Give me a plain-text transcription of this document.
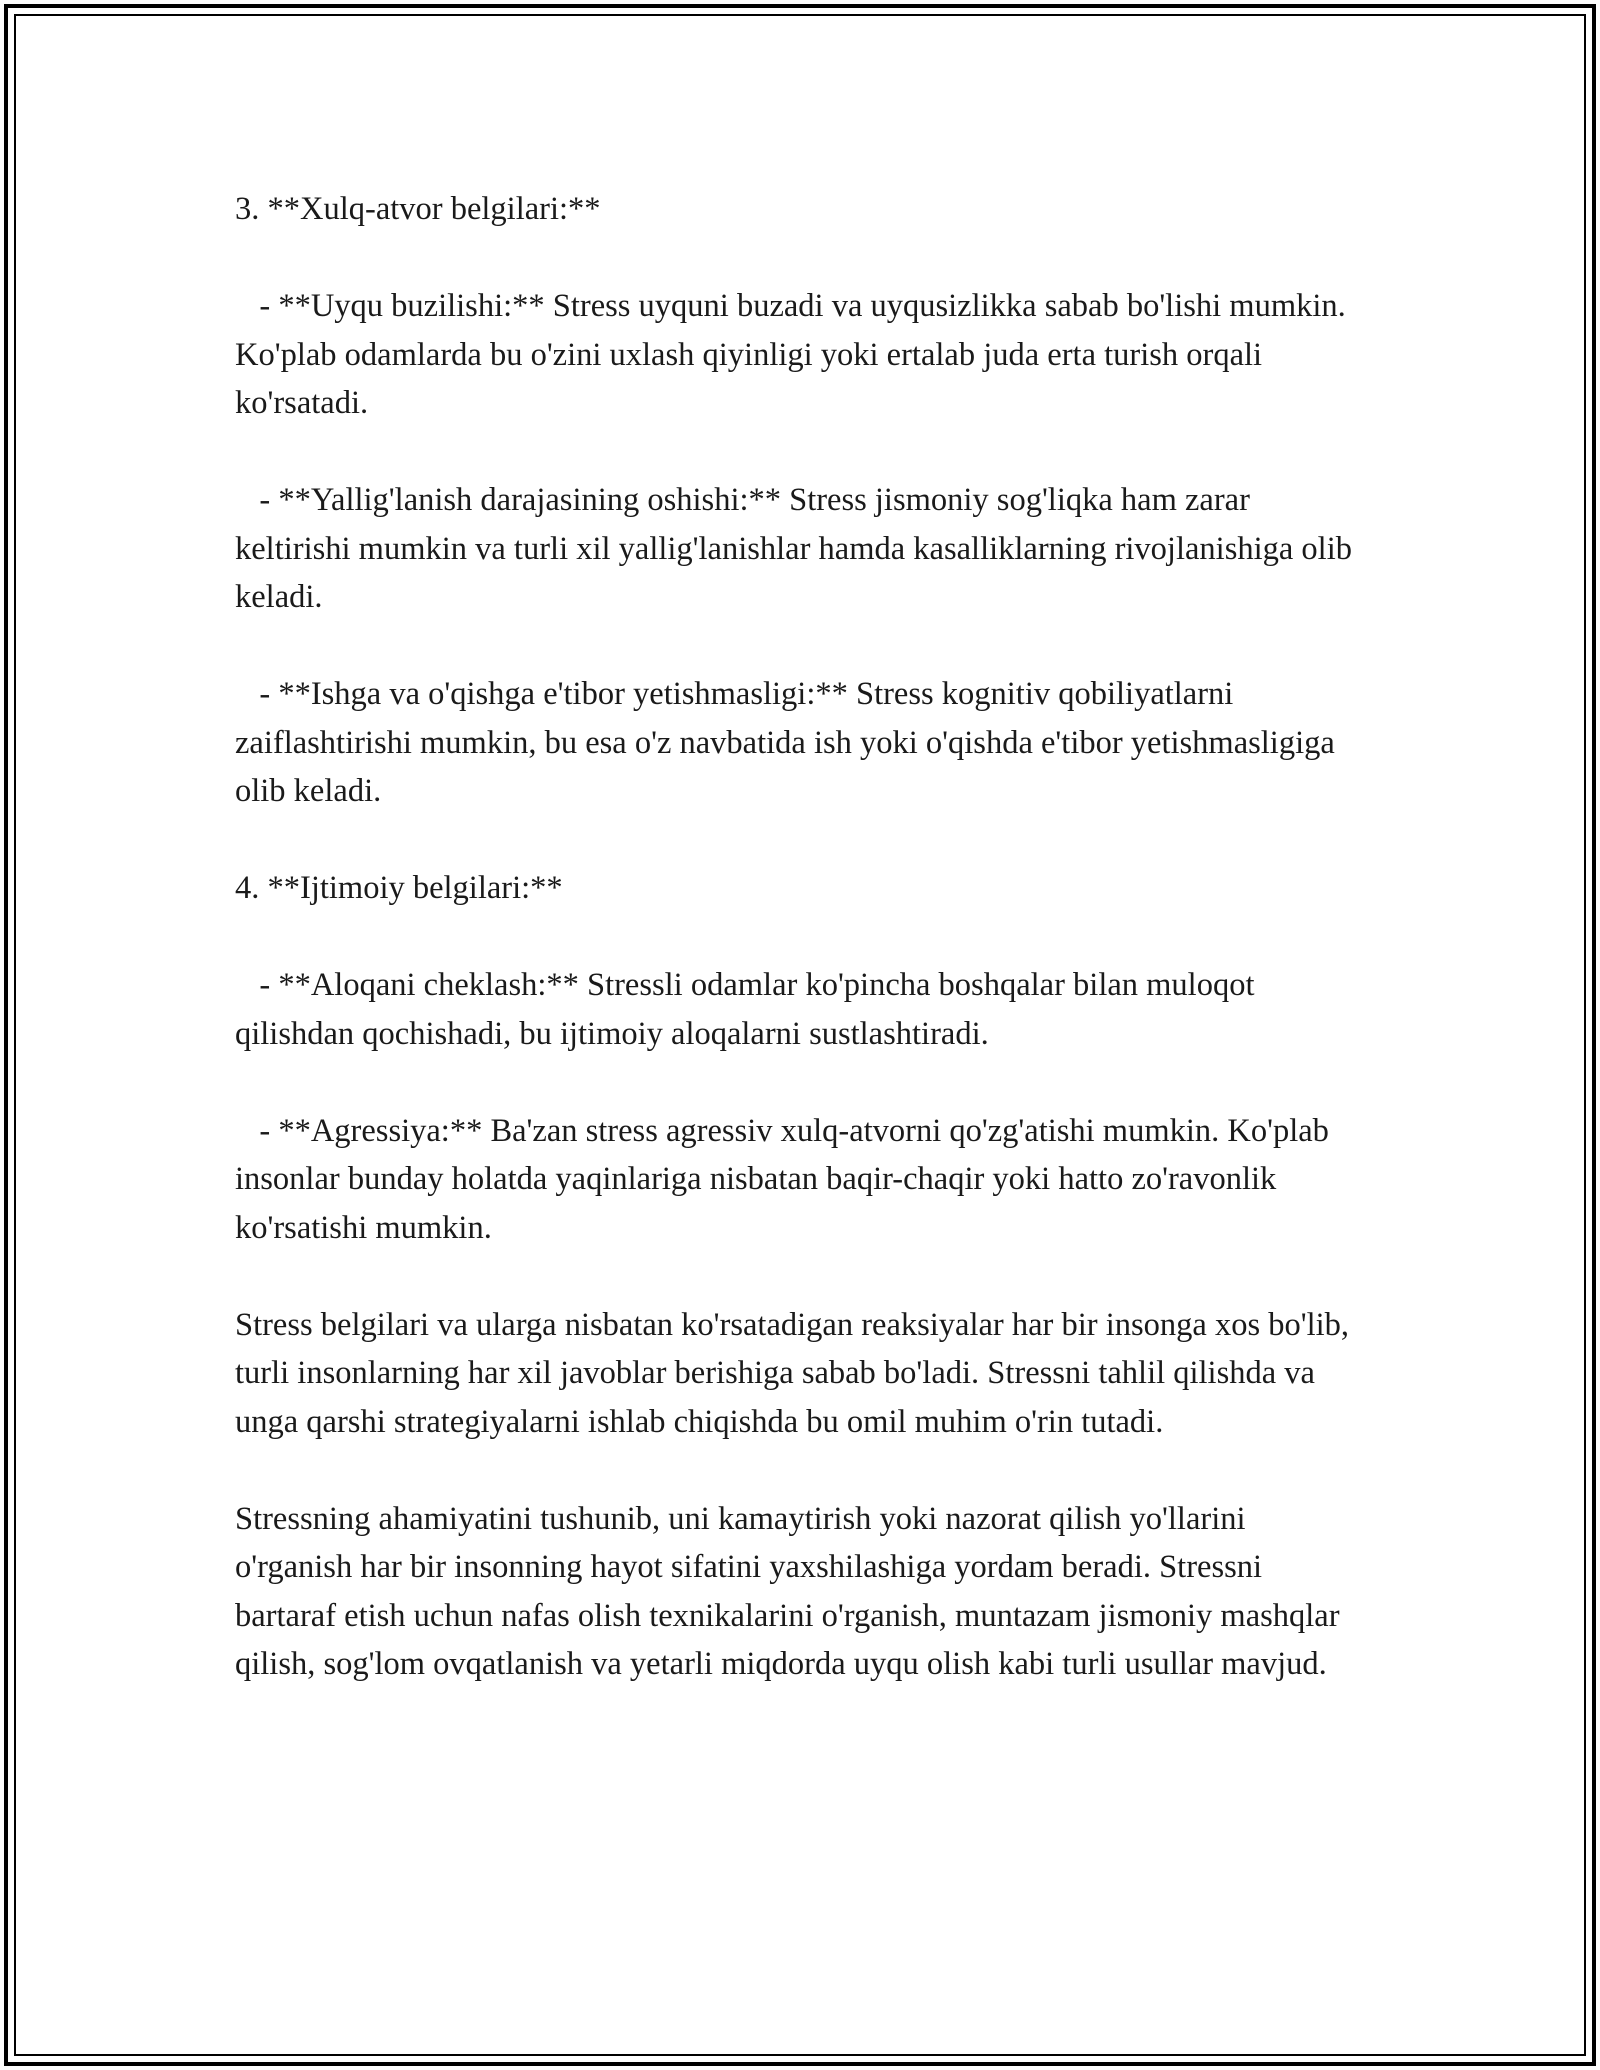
3. **Xulq-atvor belgilari:**

- **Uyqu buzilishi:** Stress uyquni buzadi va uyqusizlikka sabab bo'lishi mumkin. Ko'plab odamlarda bu o'zini uxlash qiyinligi yoki ertalab juda erta turish orqali ko'rsatadi.

- **Yallig'lanish darajasining oshishi:** Stress jismoniy sog'liqka ham zarar keltirishi mumkin va turli xil yallig'lanishlar hamda kasalliklarning rivojlanishiga olib keladi.

- **Ishga va o'qishga e'tibor yetishmasligi:** Stress kognitiv qobiliyatlarni zaiflashtirishi mumkin, bu esa o'z navbatida ish yoki o'qishda e'tibor yetishmasligiga olib keladi.

4. **Ijtimoiy belgilari:**

- **Aloqani cheklash:** Stressli odamlar ko'pincha boshqalar bilan muloqot qilishdan qochishadi, bu ijtimoiy aloqalarni sustlashtiradi.

- **Agressiya:** Ba'zan stress agressiv xulq-atvorni qo'zg'atishi mumkin. Ko'plab insonlar bunday holatda yaqinlariga nisbatan baqir-chaqir yoki hatto zo'ravonlik ko'rsatishi mumkin.

Stress belgilari va ularga nisbatan ko'rsatadigan reaksiyalar har bir insonga xos bo'lib, turli insonlarning har xil javoblar berishiga sabab bo'ladi. Stressni tahlil qilishda va unga qarshi strategiyalarni ishlab chiqishda bu omil muhim o'rin tutadi.

Stressning ahamiyatini tushunib, uni kamaytirish yoki nazorat qilish yo'llarini o'rganish har bir insonning hayot sifatini yaxshilashiga yordam beradi. Stressni bartaraf etish uchun nafas olish texnikalarini o'rganish, muntazam jismoniy mashqlar qilish, sog'lom ovqatlanish va yetarli miqdorda uyqu olish kabi turli usullar mavjud.
